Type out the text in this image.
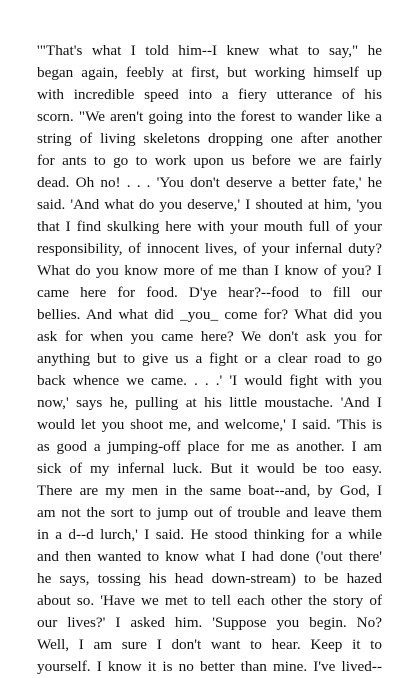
'"That's what I told him--I knew what to say," he
began again, feebly at first, but working himself up
with incredible speed into a fiery utterance of his
scorn. "We aren't going into the forest to wander like a
string of living skeletons dropping one after another
for ants to go to work upon us before we are fairly
dead. Oh no! . . . 'You don't deserve a better fate,' he
said. 'And what do you deserve,' I shouted at him, 'you
that I find skulking here with your mouth full of your
responsibility, of innocent lives, of your infernal duty?
What do you know more of me than I know of you? I
came here for food. D'ye hear?--food to fill our
bellies. And what did _you_ come for? What did you
ask for when you came here? We don't ask you for
anything but to give us a fight or a clear road to go
back whence we came. . . .' 'I would fight with you
now,' says he, pulling at his little moustache. 'And I
would let you shoot me, and welcome,' I said. 'This is
as good a jumping-off place for me as another. I am
sick of my infernal luck. But it would be too easy.
There are my men in the same boat--and, by God, I
am not the sort to jump out of trouble and leave them
in a d--d lurch,' I said. He stood thinking for a while
and then wanted to know what I had done ('out there'
he says, tossing his head down-stream) to be hazed
about so. 'Have we met to tell each other the story of
our lives?' I asked him. 'Suppose you begin. No?
Well, I am sure I don't want to hear. Keep it to
yourself. I know it is no better than mine. I've lived--
